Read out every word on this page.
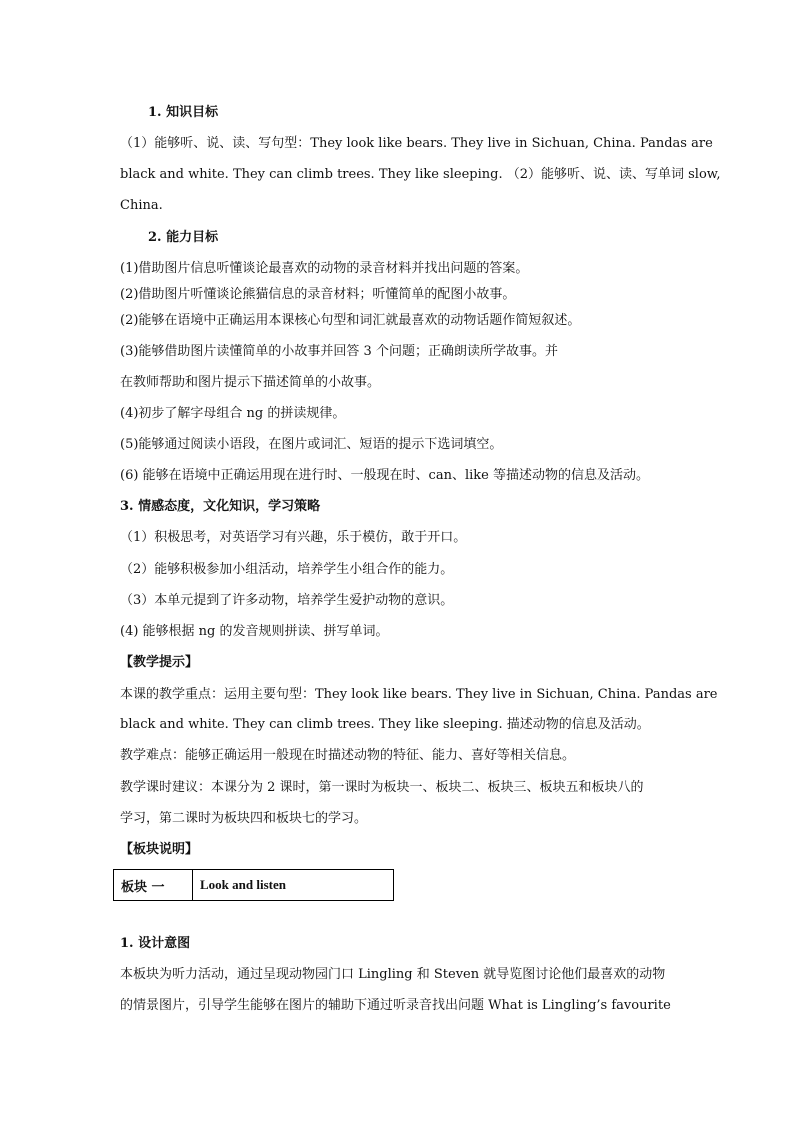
1. 知识目标
（1）能够听、说、读、写句型：They look like bears. They live in Sichuan, China. Pandas are
black and white. They can climb trees. They like sleeping. （2）能够听、说、读、写单词 slow,
China.
2. 能力目标
(1)借助图片信息听懂谈论最喜欢的动物的录音材料并找出问题的答案。
(2)借助图片听懂谈论熊猫信息的录音材料；听懂简单的配图小故事。
(2)能够在语境中正确运用本课核心句型和词汇就最喜欢的动物话题作简短叙述。
(3)能够借助图片读懂简单的小故事并回答 3 个问题；正确朗读所学故事。并
在教师帮助和图片提示下描述简单的小故事。
(4)初步了解字母组合 ng 的拼读规律。
(5)能够通过阅读小语段，在图片或词汇、短语的提示下选词填空。
(6) 能够在语境中正确运用现在进行时、一般现在时、can、like 等描述动物的信息及活动。
3. 情感态度，文化知识，学习策略
（1）积极思考，对英语学习有兴趣，乐于模仿，敢于开口。
（2）能够积极参加小组活动，培养学生小组合作的能力。
（3）本单元提到了许多动物，培养学生爱护动物的意识。
(4) 能够根据 ng 的发音规则拼读、拼写单词。
【教学提示】
本课的教学重点：运用主要句型：They look like bears. They live in Sichuan, China. Pandas are
black and white. They can climb trees. They like sleeping. 描述动物的信息及活动。
教学难点：能够正确运用一般现在时描述动物的特征、能力、喜好等相关信息。
教学课时建议：本课分为 2 课时，第一课时为板块一、板块二、板块三、板块五和板块八的
学习，第二课时为板块四和板块七的学习。
【板块说明】
板块 一	Look and listen
1. 设计意图
本板块为听力活动，通过呈现动物园门口 Lingling 和 Steven 就导览图讨论他们最喜欢的动物
的情景图片，引导学生能够在图片的辅助下通过听录音找出问题 What is Lingling’s favourite
